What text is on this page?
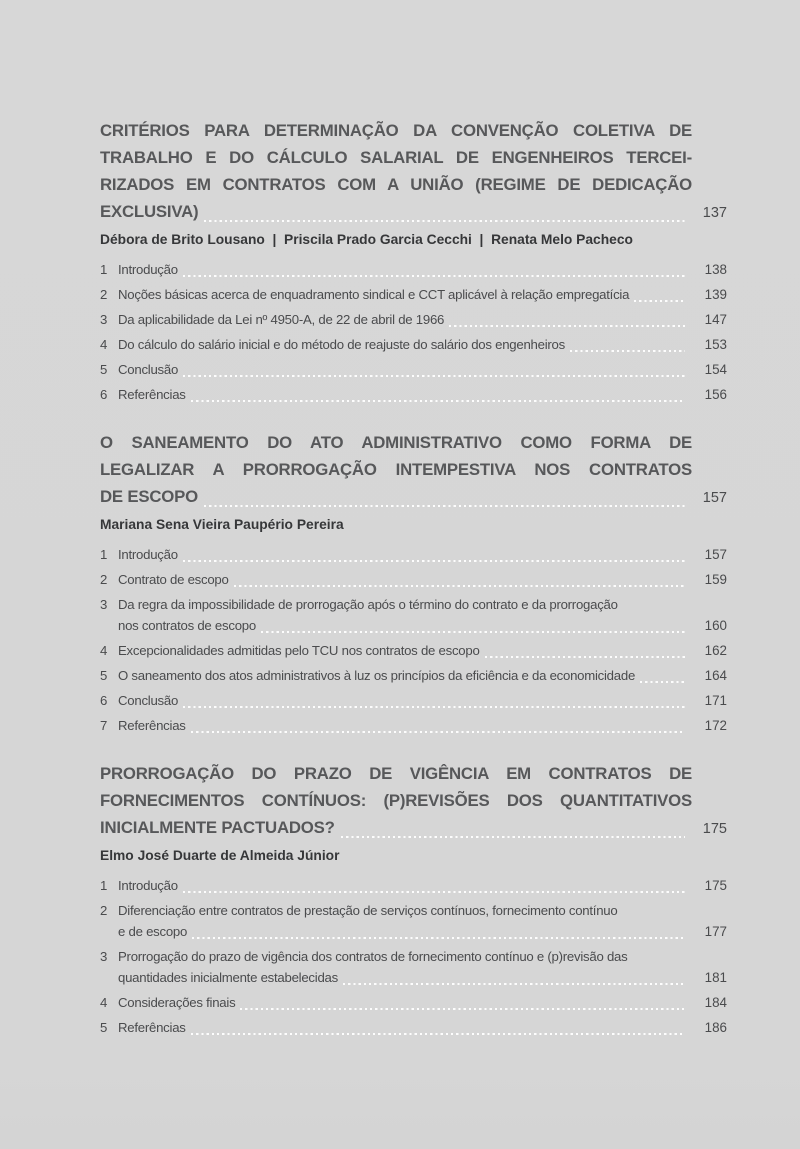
CRITÉRIOS PARA DETERMINAÇÃO DA CONVENÇÃO COLETIVA DE
TRABALHO E DO CÁLCULO SALARIAL DE ENGENHEIROS TERCEI-
RIZADOS EM CONTRATOS COM A UNIÃO (REGIME DE DEDICAÇÃO
EXCLUSIVA)	137
Débora de Brito Lousano  |  Priscila Prado Garcia Cecchi  |  Renata Melo Pacheco
1 Introdução	138
2 Noções básicas acerca de enquadramento sindical e CCT aplicável à relação empregatícia	139
3 Da aplicabilidade da Lei nº 4950-A, de 22 de abril de 1966	147
4 Do cálculo do salário inicial e do método de reajuste do salário dos engenheiros	153
5 Conclusão	154
6 Referências	156
O SANEAMENTO DO ATO ADMINISTRATIVO COMO FORMA DE
LEGALIZAR A PRORROGAÇÃO INTEMPESTIVA NOS CONTRATOS
DE ESCOPO	157
Mariana Sena Vieira Paupério Pereira
1 Introdução	157
2 Contrato de escopo	159
3 Da regra da impossibilidade de prorrogação após o término do contrato e da prorrogação
nos contratos de escopo	160
4 Excepcionalidades admitidas pelo TCU nos contratos de escopo	162
5 O saneamento dos atos administrativos à luz os princípios da eficiência e da economicidade	164
6 Conclusão	171
7 Referências	172
PRORROGAÇÃO DO PRAZO DE VIGÊNCIA EM CONTRATOS DE
FORNECIMENTOS CONTÍNUOS: (P)REVISÕES DOS QUANTITATIVOS
INICIALMENTE PACTUADOS?	175
Elmo José Duarte de Almeida Júnior
1 Introdução	175
2 Diferenciação entre contratos de prestação de serviços contínuos, fornecimento contínuo
e de escopo	177
3 Prorrogação do prazo de vigência dos contratos de fornecimento contínuo e (p)revisão das
quantidades inicialmente estabelecidas	181
4 Considerações finais	184
5 Referências	186
